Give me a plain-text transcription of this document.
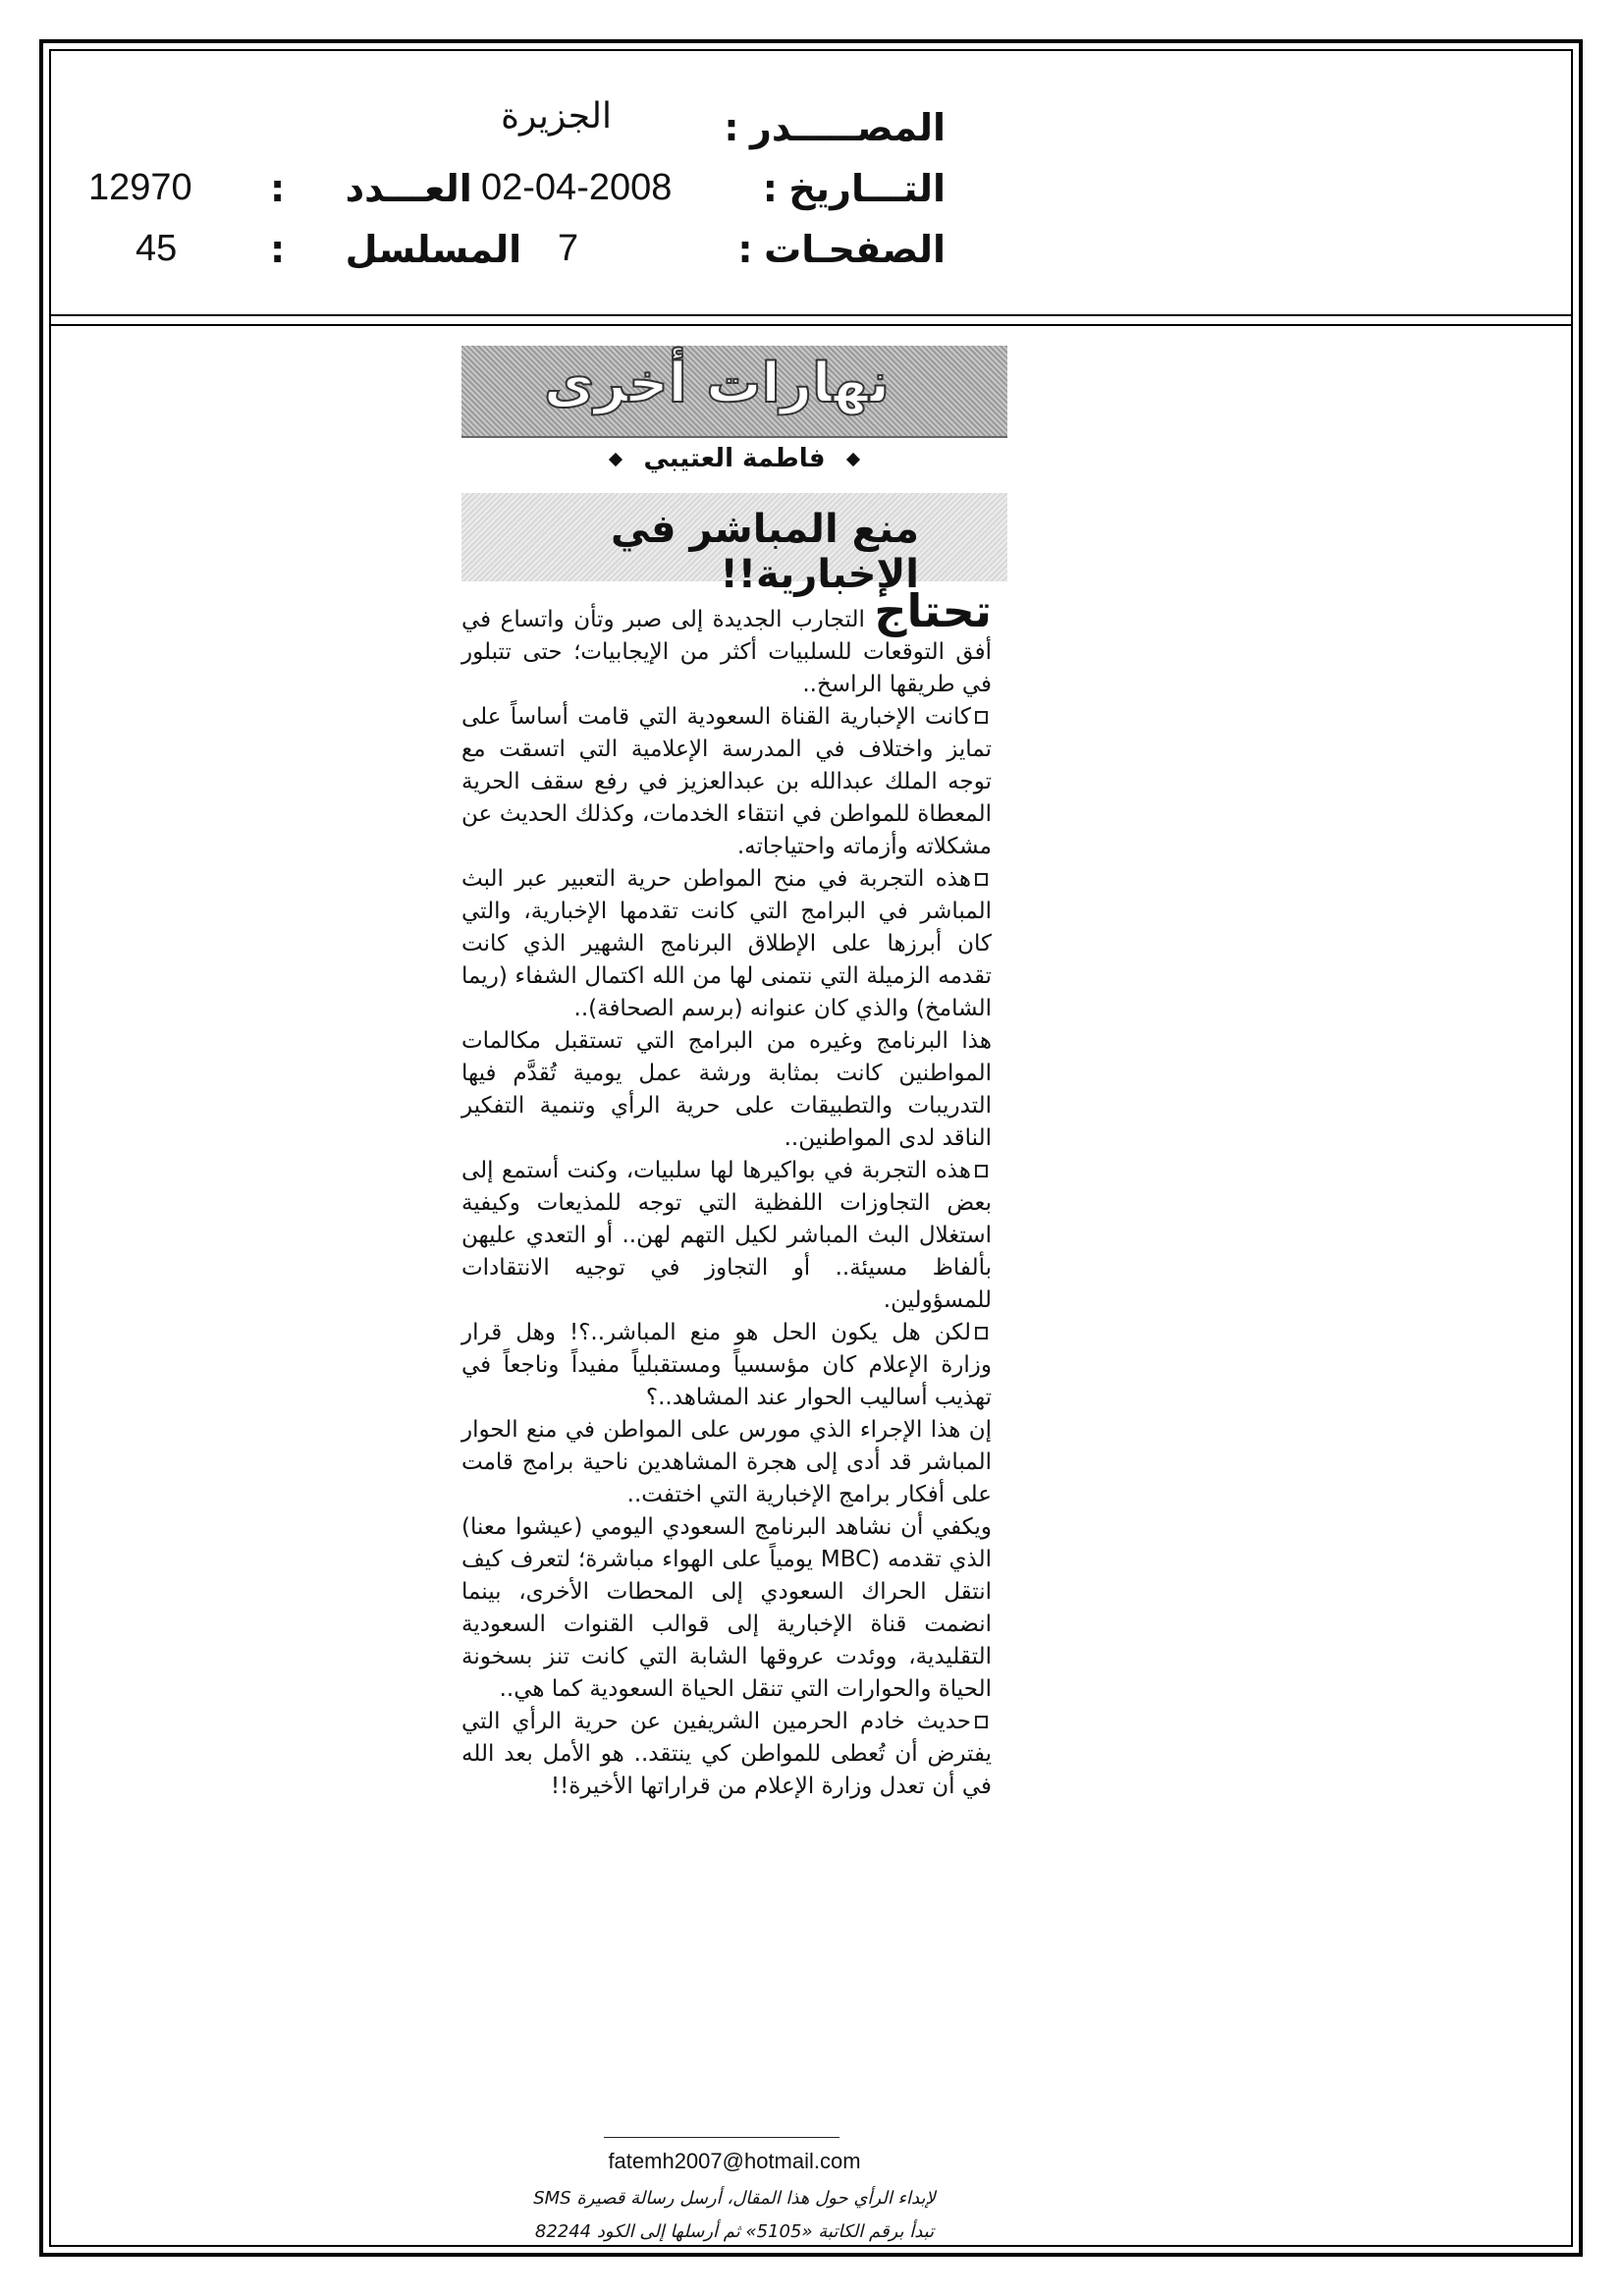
المصـــــدر :
الجزيرة
التـــاريخ :
02-04-2008
العـــدد :
12970
الصفحـات :
7
المسلسل :
45
نهارات أخرى
فاطمة العتيبي
منع المباشر في الإخبارية!!

تحتاج التجارب الجديدة إلى صبر وتأن واتساع في أفق التوقعات للسلبيات أكثر من الإيجابيات؛ حتى تتبلور في طريقها الراسخ..

كانت الإخبارية القناة السعودية التي قامت أساساً على تمايز واختلاف في المدرسة الإعلامية التي اتسقت مع توجه الملك عبدالله بن عبدالعزيز في رفع سقف الحرية المعطاة للمواطن في انتقاء الخدمات، وكذلك الحديث عن مشكلاته وأزماته واحتياجاته.

هذه التجربة في منح المواطن حرية التعبير عبر البث المباشر في البرامج التي كانت تقدمها الإخبارية، والتي كان أبرزها على الإطلاق البرنامج الشهير الذي كانت تقدمه الزميلة التي نتمنى لها من الله اكتمال الشفاء (ريما الشامخ) والذي كان عنوانه (برسم الصحافة)..

هذا البرنامج وغيره من البرامج التي تستقبل مكالمات المواطنين كانت بمثابة ورشة عمل يومية تُقدَّم فيها التدريبات والتطبيقات على حرية الرأي وتنمية التفكير الناقد لدى المواطنين..

هذه التجربة في بواكيرها لها سلبيات، وكنت أستمع إلى بعض التجاوزات اللفظية التي توجه للمذيعات وكيفية استغلال البث المباشر لكيل التهم لهن.. أو التعدي عليهن بألفاظ مسيئة.. أو التجاوز في توجيه الانتقادات للمسؤولين.

لكن هل يكون الحل هو منع المباشر..؟! وهل قرار وزارة الإعلام كان مؤسسياً ومستقبلياً مفيداً وناجعاً في تهذيب أساليب الحوار عند المشاهد..؟

إن هذا الإجراء الذي مورس على المواطن في منع الحوار المباشر قد أدى إلى هجرة المشاهدين ناحية برامج قامت على أفكار برامج الإخبارية التي اختفت..

ويكفي أن نشاهد البرنامج السعودي اليومي (عيشوا معنا) الذي تقدمه (MBC يومياً على الهواء مباشرة؛ لتعرف كيف انتقل الحراك السعودي إلى المحطات الأخرى، بينما انضمت قناة الإخبارية إلى قوالب القنوات السعودية التقليدية، ووئدت عروقها الشابة التي كانت تنز بسخونة الحياة والحوارات التي تنقل الحياة السعودية كما هي..

حديث خادم الحرمين الشريفين عن حرية الرأي التي يفترض أن تُعطى للمواطن كي ينتقد.. هو الأمل بعد الله في أن تعدل وزارة الإعلام من قراراتها الأخيرة!!

fatemh2007@hotmail.com
لإبداء الرأي حول هذا المقال، أرسل رسالة قصيرة SMS
تبدأ برقم الكاتبة «5105» ثم أرسلها إلى الكود 82244
